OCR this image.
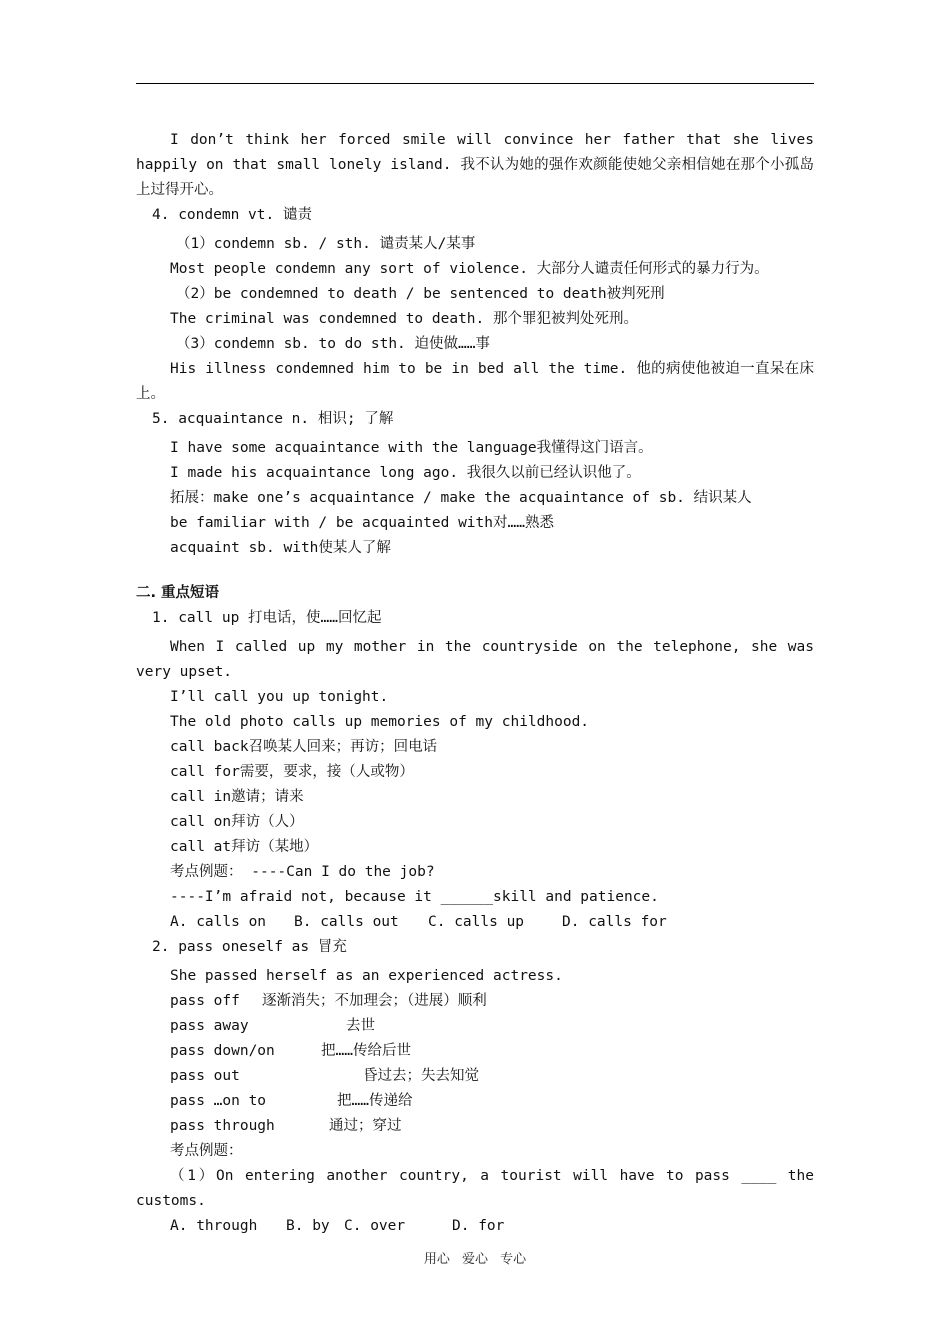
I don’t think her forced smile will convince her father that she lives happily on that small lonely island. 我不认为她的强作欢颜能使她父亲相信她在那个小孤岛上过得开心。

4. condemn vt. 谴责

（1）condemn sb. / sth. 谴责某人/某事

Most people condemn any sort of violence. 大部分人谴责任何形式的暴力行为。

（2）be condemned to death / be sentenced to death被判死刑

The criminal was condemned to death. 那个罪犯被判处死刑。

（3）condemn sb. to do sth. 迫使做……事

His illness condemned him to be in bed all the time. 他的病使他被迫一直呆在床上。

5. acquaintance n. 相识; 了解

I have some acquaintance with the language我懂得这门语言。

I made his acquaintance long ago. 我很久以前已经认识他了。

拓展：make one’s acquaintance / make the acquaintance of sb. 结识某人

be familiar with / be acquainted with对……熟悉

acquaint sb. with使某人了解

二. 重点短语

1. call up 打电话，使……回忆起

When I called up my mother in the countryside on the telephone, she was very upset.

I’ll call you up tonight.

The old photo calls up memories of my childhood.

call back召唤某人回来；再访；回电话

call for需要，要求，接（人或物）

call in邀请；请来

call on拜访（人）

call at拜访（某地）

考点例题： ----Can I do the job?

----I’m afraid not, because it ______skill and patience.

A. calls on B. calls out C. calls up	D. calls for

2. pass oneself as 冒充

She passed herself as an experienced actress.

pass off 逐渐消失；不加理会；（进展）顺利

pass away	去世

pass down/on	把……传给后世

pass out	昏过去；失去知觉

pass …on to	把……传递给

pass through	通过；穿过

考点例题：

（1）On entering another country, a tourist will have to pass ____ the customs.

A. through B. by C. over	D. for

用心 爱心 专心
